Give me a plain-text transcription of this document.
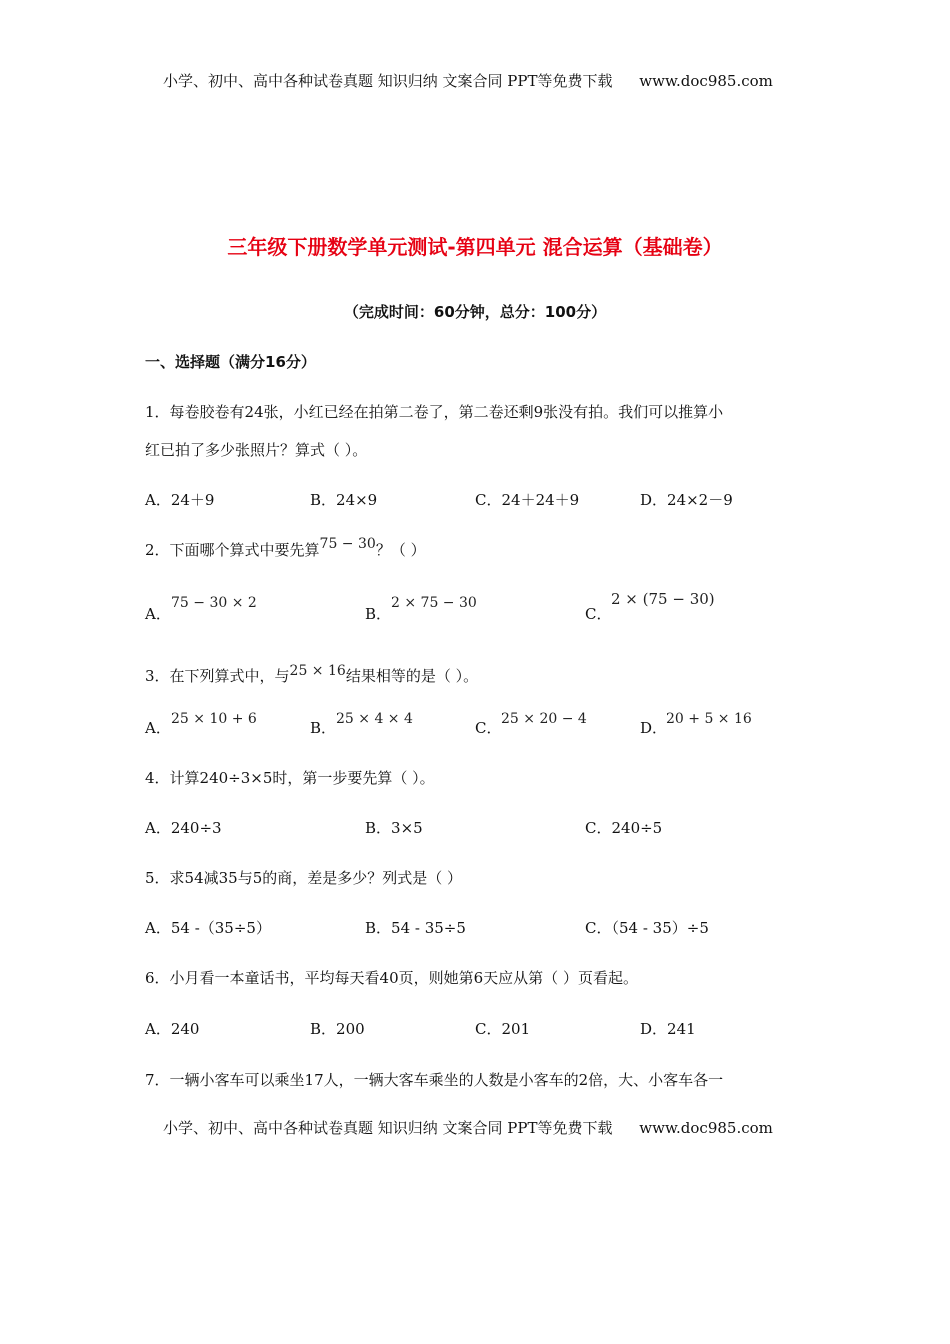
小学、初中、高中各种试卷真题 知识归纳 文案合同 PPT等免费下载 www.doc985.com
三年级下册数学单元测试-第四单元 混合运算（基础卷）
（完成时间：60分钟，总分：100分）
一、选择题（满分16分）
1．每卷胶卷有24张，小红已经在拍第二卷了，第二卷还剩9张没有拍。我们可以推算小
红已拍了多少张照片？算式（ ）。
A．24＋9	B．24×9	C．24＋24＋9	D．24×2－9
2．下面哪个算式中要先算75 − 30？（ ）
A．
75 − 30 × 2
B．
2 × 75 − 30
C．
2 × (75 − 30)
3．在下列算式中，与25 × 16结果相等的是（ ）。
A． 25 × 10 + 6	B． 25 × 4 × 4	C． 25 × 20 − 4	D．
20 + 5 × 16
4．计算240÷3×5时，第一步要先算（ ）。
A．240÷3	B．3×5	C．240÷5
5．求54减35与5的商，差是多少？列式是（ ）
A．54 -（35÷5）	B．54 - 35÷5	C．（54 - 35）÷5
6．小月看一本童话书，平均每天看40页，则她第6天应从第（ ）页看起。
A．240	B．200	C．201	D．241
7．一辆小客车可以乘坐17人，一辆大客车乘坐的人数是小客车的2倍，大、小客车各一
小学、初中、高中各种试卷真题 知识归纳 文案合同 PPT等免费下载 www.doc985.com
